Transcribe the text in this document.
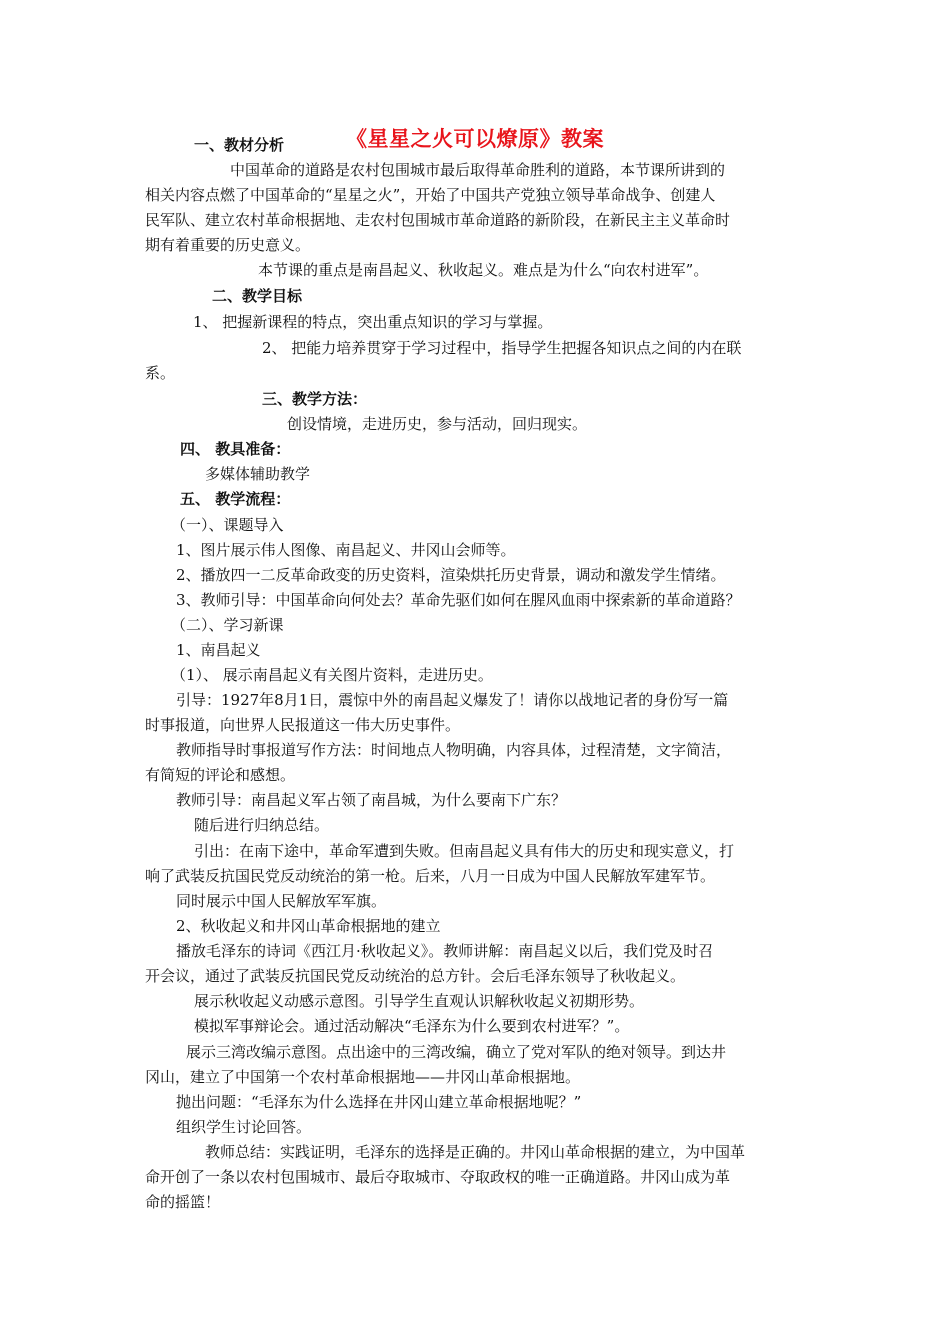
《星星之火可以燎原》教案
一、教材分析
中国革命的道路是农村包围城市最后取得革命胜利的道路，本节课所讲到的
相关内容点燃了中国革命的“星星之火”，开始了中国共产党独立领导革命战争、创建人
民军队、建立农村革命根据地、走农村包围城市革命道路的新阶段，在新民主主义革命时
期有着重要的历史意义。
本节课的重点是南昌起义、秋收起义。难点是为什么“向农村进军”。
二、教学目标
1、 把握新课程的特点，突出重点知识的学习与掌握。
2、 把能力培养贯穿于学习过程中，指导学生把握各知识点之间的内在联
系。
三、教学方法：
创设情境，走进历史，参与活动，回归现实。
四、 教具准备：
多媒体辅助教学
五、 教学流程：
（一）、课题导入
1、图片展示伟人图像、南昌起义、井冈山会师等。
2、播放四一二反革命政变的历史资料，渲染烘托历史背景，调动和激发学生情绪。
3、教师引导：中国革命向何处去？革命先驱们如何在腥风血雨中探索新的革命道路？
（二）、学习新课
1、南昌起义
（1）、 展示南昌起义有关图片资料，走进历史。
引导：1927年8月1日，震惊中外的南昌起义爆发了！请你以战地记者的身份写一篇
时事报道，向世界人民报道这一伟大历史事件。
教师指导时事报道写作方法：时间地点人物明确，内容具体，过程清楚，文字简洁，
有简短的评论和感想。
教师引导：南昌起义军占领了南昌城，为什么要南下广东？
随后进行归纳总结。
引出：在南下途中，革命军遭到失败。但南昌起义具有伟大的历史和现实意义，打
响了武装反抗国民党反动统治的第一枪。后来，八月一日成为中国人民解放军建军节。
同时展示中国人民解放军军旗。
2、秋收起义和井冈山革命根据地的建立
播放毛泽东的诗词《西江月·秋收起义》。教师讲解：南昌起义以后，我们党及时召
开会议，通过了武装反抗国民党反动统治的总方针。会后毛泽东领导了秋收起义。
展示秋收起义动感示意图。引导学生直观认识解秋收起义初期形势。
模拟军事辩论会。通过活动解决“毛泽东为什么要到农村进军？”。
展示三湾改编示意图。点出途中的三湾改编，确立了党对军队的绝对领导。到达井
冈山，建立了中国第一个农村革命根据地——井冈山革命根据地。
抛出问题：“毛泽东为什么选择在井冈山建立革命根据地呢？”
组织学生讨论回答。
教师总结：实践证明，毛泽东的选择是正确的。井冈山革命根据的建立，为中国革
命开创了一条以农村包围城市、最后夺取城市、夺取政权的唯一正确道路。井冈山成为革
命的摇篮！
